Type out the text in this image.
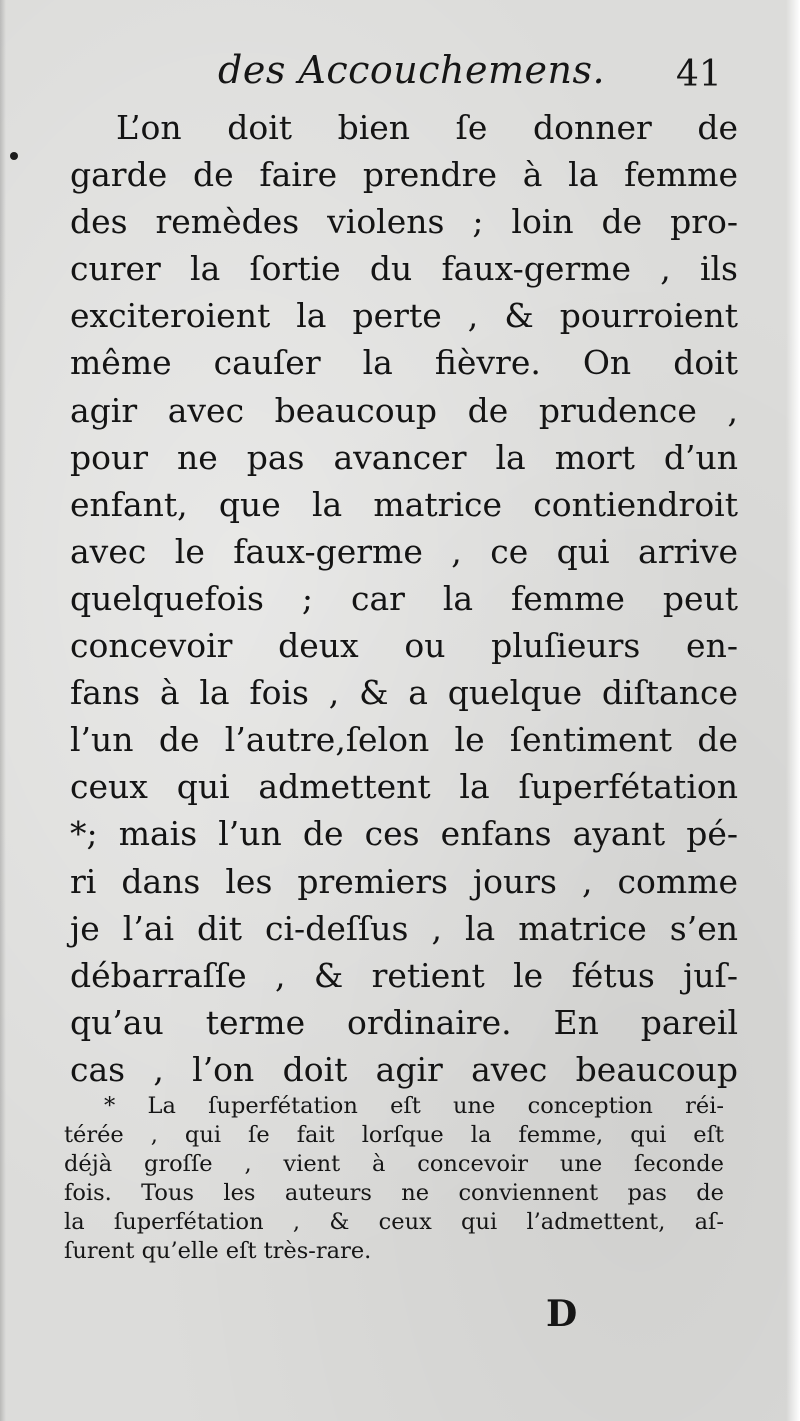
des Accouchemens. 41
L’on doit bien ſe donner de
garde de faire prendre à la femme
des remèdes violens ; loin de pro-
curer la ſortie du faux-germe , ils
exciteroient la perte , & pourroient
même cauſer la fièvre. On doit
agir avec beaucoup de prudence ,
pour ne pas avancer la mort d’un
enfant, que la matrice contiendroit
avec le faux-germe , ce qui arrive
quelquefois ; car la femme peut
concevoir deux ou pluſieurs en-
fans à la fois , & a quelque diſtance
l’un de l’autre,ſelon le ſentiment de
ceux qui admettent la ſuperfétation
*; mais l’un de ces enfans ayant pé-
ri dans les premiers jours , comme
je l’ai dit ci-deſſus , la matrice s’en
débarraſſe , & retient le fétus juſ-
qu’au terme ordinaire. En pareil
cas , l’on doit agir avec beaucoup
* La ſuperfétation eſt une conception réi-
térée , qui ſe fait lorſque la femme, qui eſt
déjà groſſe , vient à concevoir une ſeconde
fois. Tous les auteurs ne conviennent pas de
la ſuperfétation , & ceux qui l’admettent, aſ-
ſurent qu’elle eſt très-rare.
D
